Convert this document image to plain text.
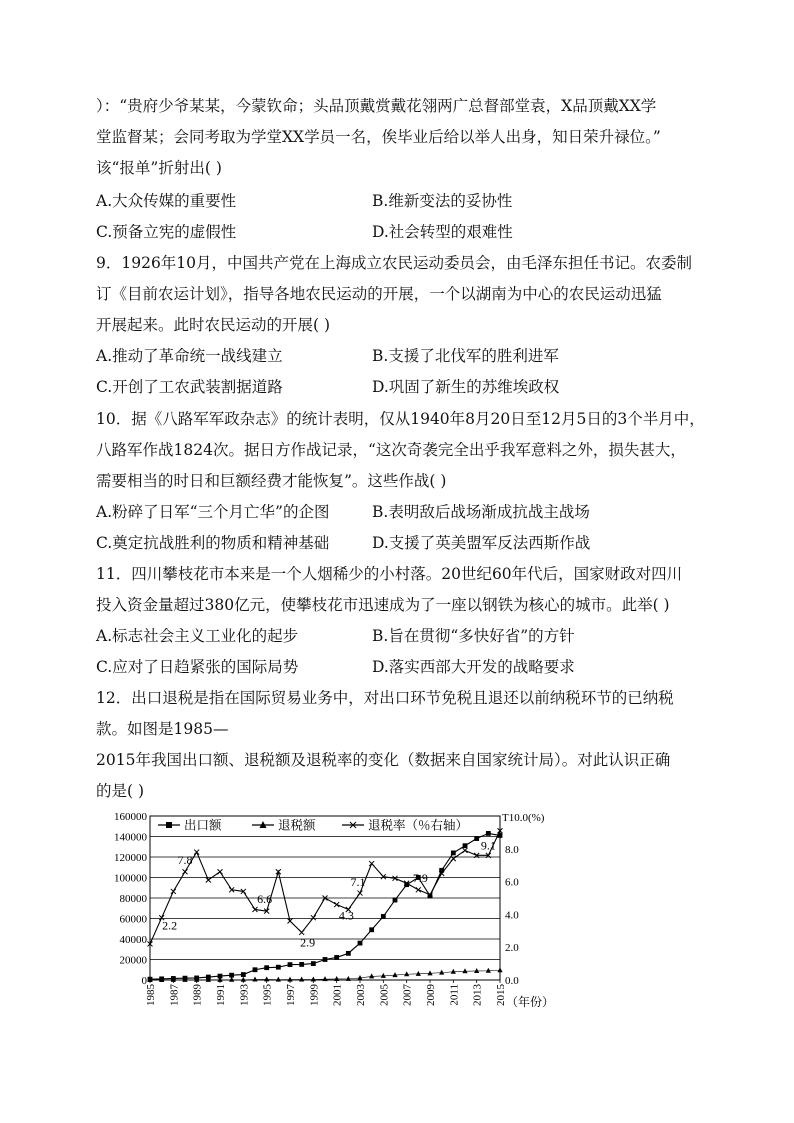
）：“贵府少爷某某，今蒙钦命；头品顶戴赏戴花翎两广总督部堂袁，X品顶戴XX学
堂监督某；会同考取为学堂XX学员一名，俟毕业后给以举人出身，知日荣升禄位。”
该“报单”折射出( )
A.大众传媒的重要性	B.维新变法的妥协性
C.预备立宪的虚假性	D.社会转型的艰难性
9．1926年10月，中国共产党在上海成立农民运动委员会，由毛泽东担任书记。农委制
订《目前农运计划》，指导各地农民运动的开展，一个以湖南为中心的农民运动迅猛
开展起来。此时农民运动的开展( )
A.推动了革命统一战线建立	B.支援了北伐军的胜利进军
C.开创了工农武装割据道路	D.巩固了新生的苏维埃政权
10．据《八路军军政杂志》的统计表明，仅从1940年8月20日至12月5日的3个半月中，
八路军作战1824次。据日方作战记录，“这次奇袭完全出乎我军意料之外，损失甚大，
需要相当的时日和巨额经费才能恢复”。这些作战( )
A.粉碎了日军“三个月亡华”的企图	B.表明敌后战场渐成抗战主战场
C.奠定抗战胜利的物质和精神基础	D.支援了英美盟军反法西斯作战
11．四川攀枝花市本来是一个人烟稀少的小村落。20世纪60年代后，国家财政对四川
投入资金量超过380亿元，使攀枝花市迅速成为了一座以钢铁为核心的城市。此举( )
A.标志社会主义工业化的起步	B.旨在贯彻“多快好省”的方针
C.应对了日趋紧张的国际局势	D.落实西部大开发的战略要求
12．出口退税是指在国际贸易业务中，对出口环节免税且退还以前纳税环节的已纳税
款。如图是1985—
2015年我国出口额、退税额及退税率的变化（数据来自国家统计局）。对此认识正确
的是( )
0
20000
40000
60000
80000
100000
120000
140000
160000
0.0
2.0
4.0
6.0
8.0
T10.0(%)
1985 1987 1989 1991 1993 1995 1997 1999 2001 2003 2005 2007 2009 2011 2013 2015 （年份）
2.2
7.8
6.6
2.9
4.3
7.1	7.9
9.1
出口额	退税额	退税率（％右轴）
